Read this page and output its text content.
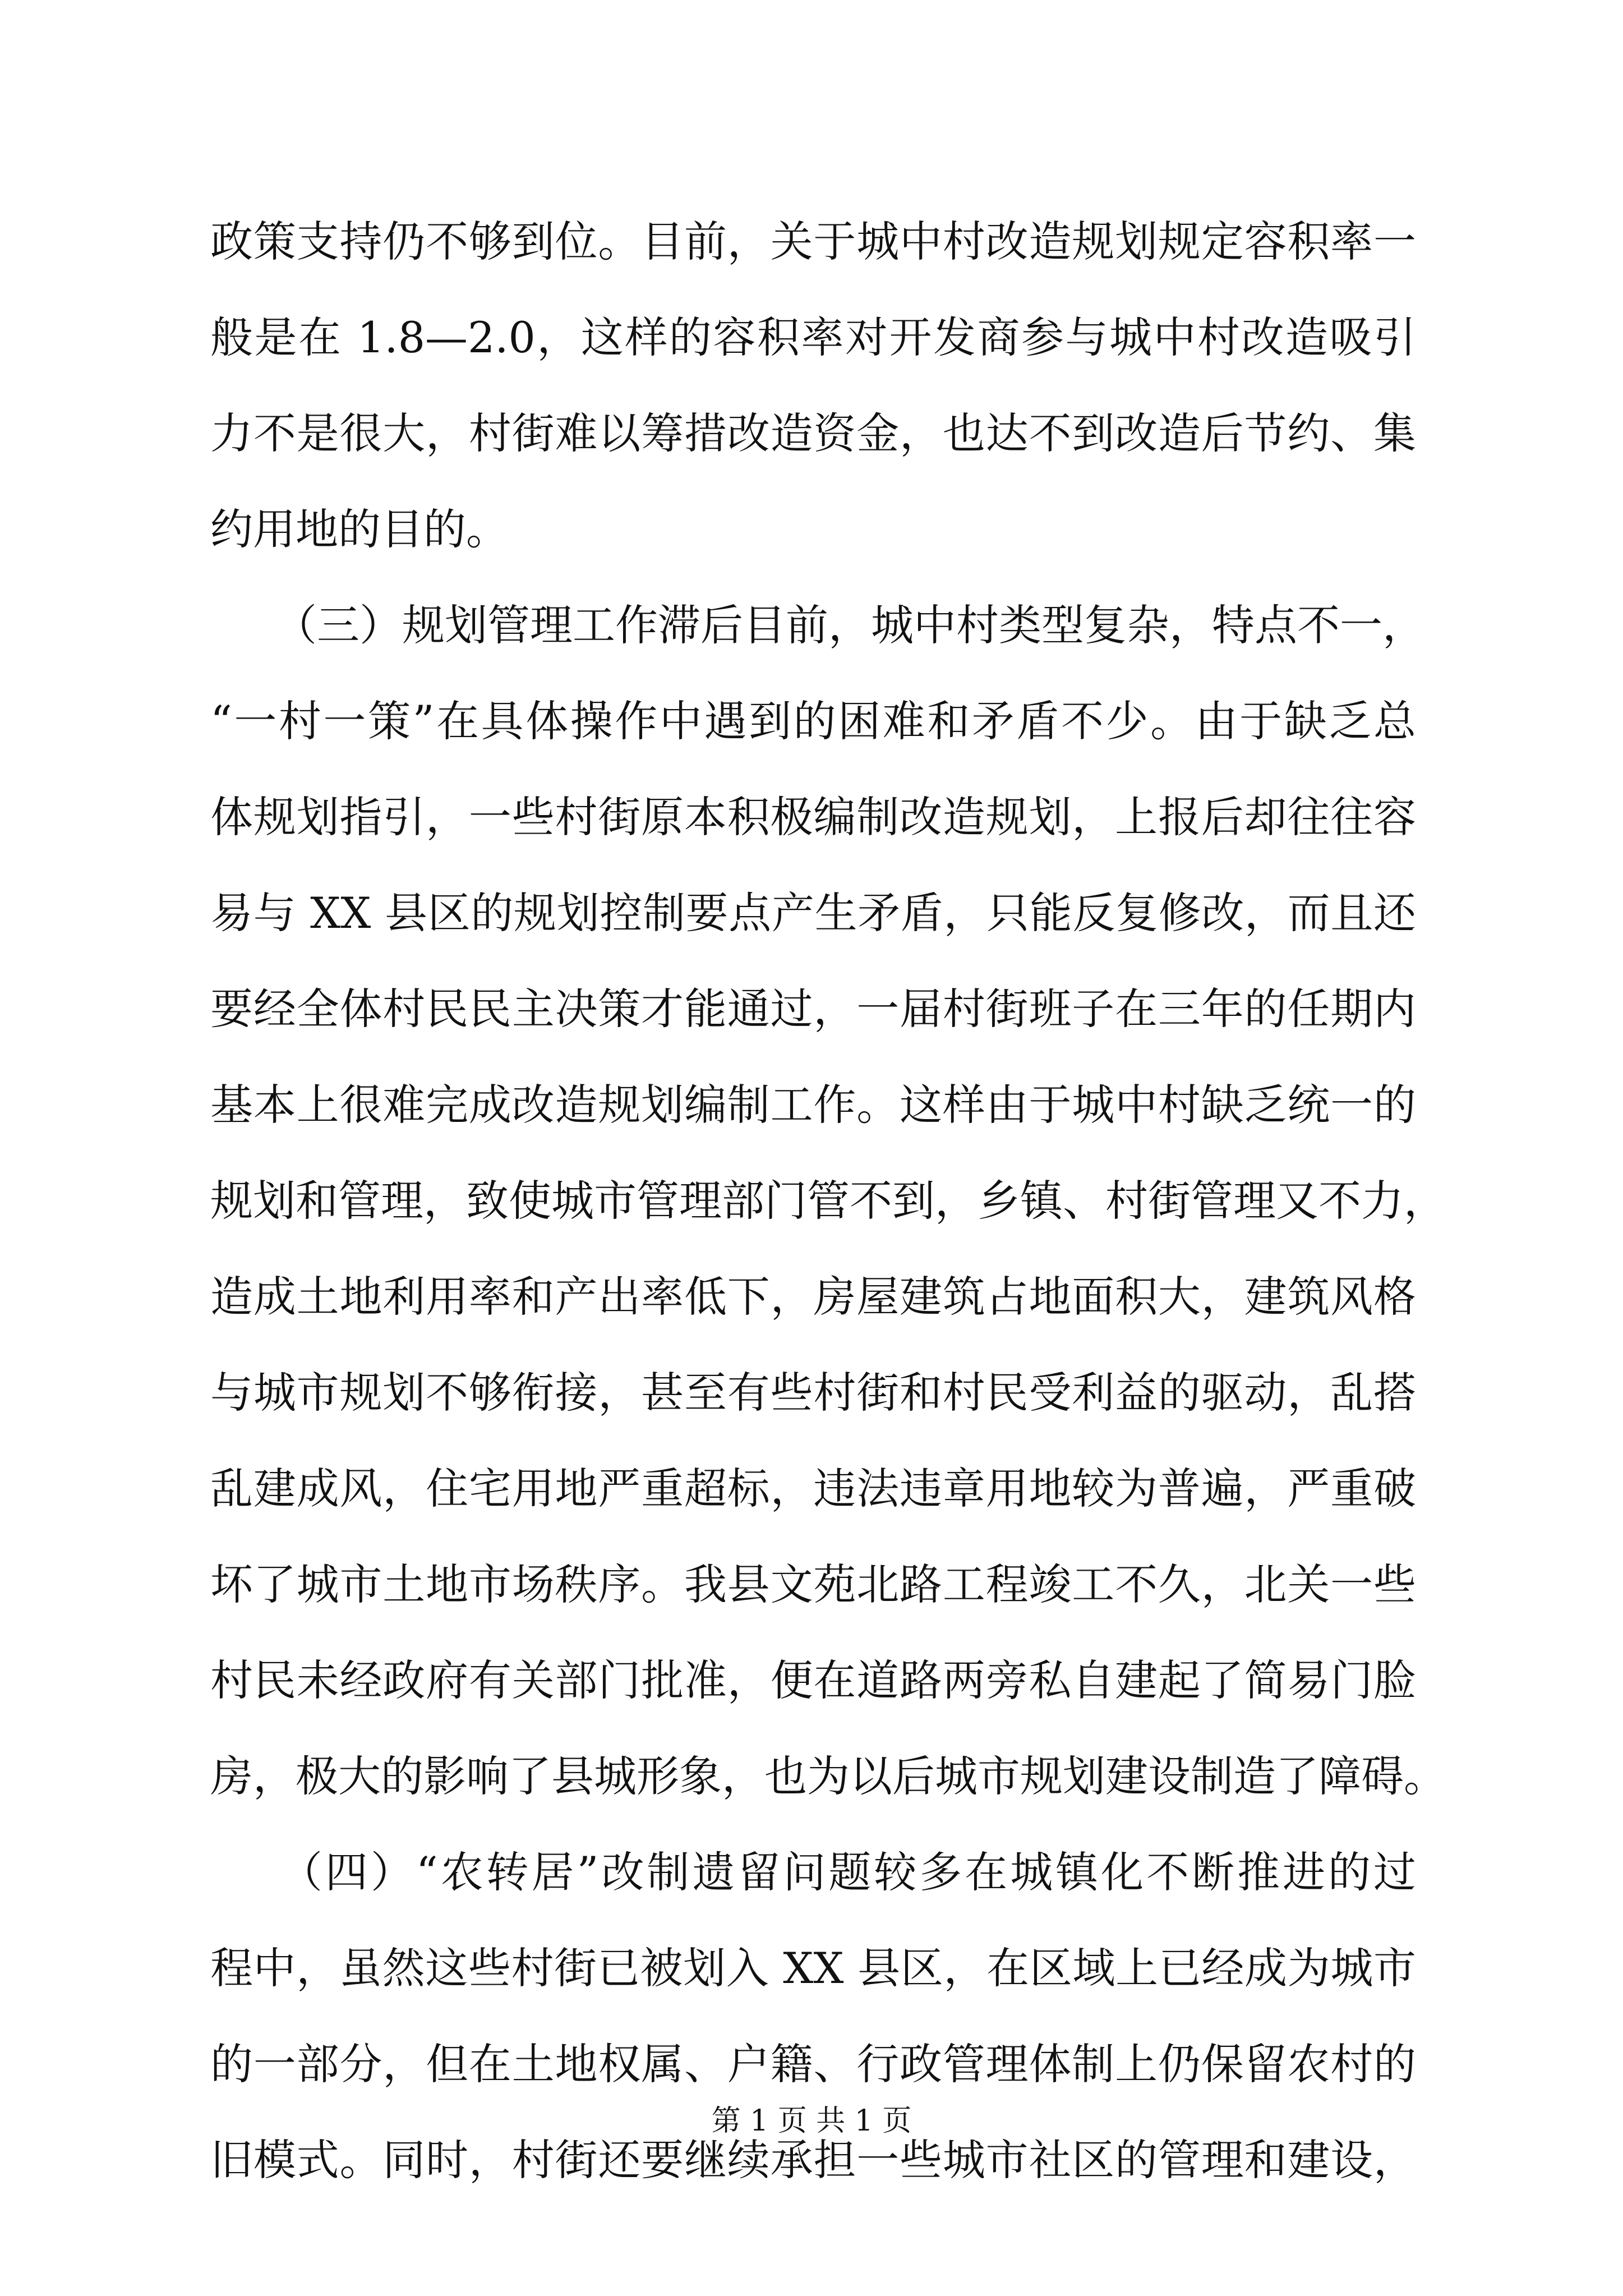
政策支持仍不够到位。目前，关于城中村改造规划规定容积率一
般是在 1.8—2.0，这样的容积率对开发商参与城中村改造吸引
力不是很大，村街难以筹措改造资金，也达不到改造后节约、集
约用地的目的。
　　（三）规划管理工作滞后目前，城中村类型复杂，特点不一，
“一村一策”在具体操作中遇到的困难和矛盾不少。由于缺乏总
体规划指引，一些村街原本积极编制改造规划，上报后却往往容
易与 XX 县区的规划控制要点产生矛盾，只能反复修改，而且还
要经全体村民民主决策才能通过，一届村街班子在三年的任期内
基本上很难完成改造规划编制工作。这样由于城中村缺乏统一的
规划和管理，致使城市管理部门管不到，乡镇、村街管理又不力，
造成土地利用率和产出率低下，房屋建筑占地面积大，建筑风格
与城市规划不够衔接，甚至有些村街和村民受利益的驱动，乱搭
乱建成风，住宅用地严重超标，违法违章用地较为普遍，严重破
坏了城市土地市场秩序。我县文苑北路工程竣工不久，北关一些
村民未经政府有关部门批准，便在道路两旁私自建起了简易门脸
房，极大的影响了县城形象，也为以后城市规划建设制造了障碍。
　　（四）“农转居”改制遗留问题较多在城镇化不断推进的过
程中，虽然这些村街已被划入 XX 县区，在区域上已经成为城市
的一部分，但在土地权属、户籍、行政管理体制上仍保留农村的
旧模式。同时，村街还要继续承担一些城市社区的管理和建设，
第 1 页 共 1 页
